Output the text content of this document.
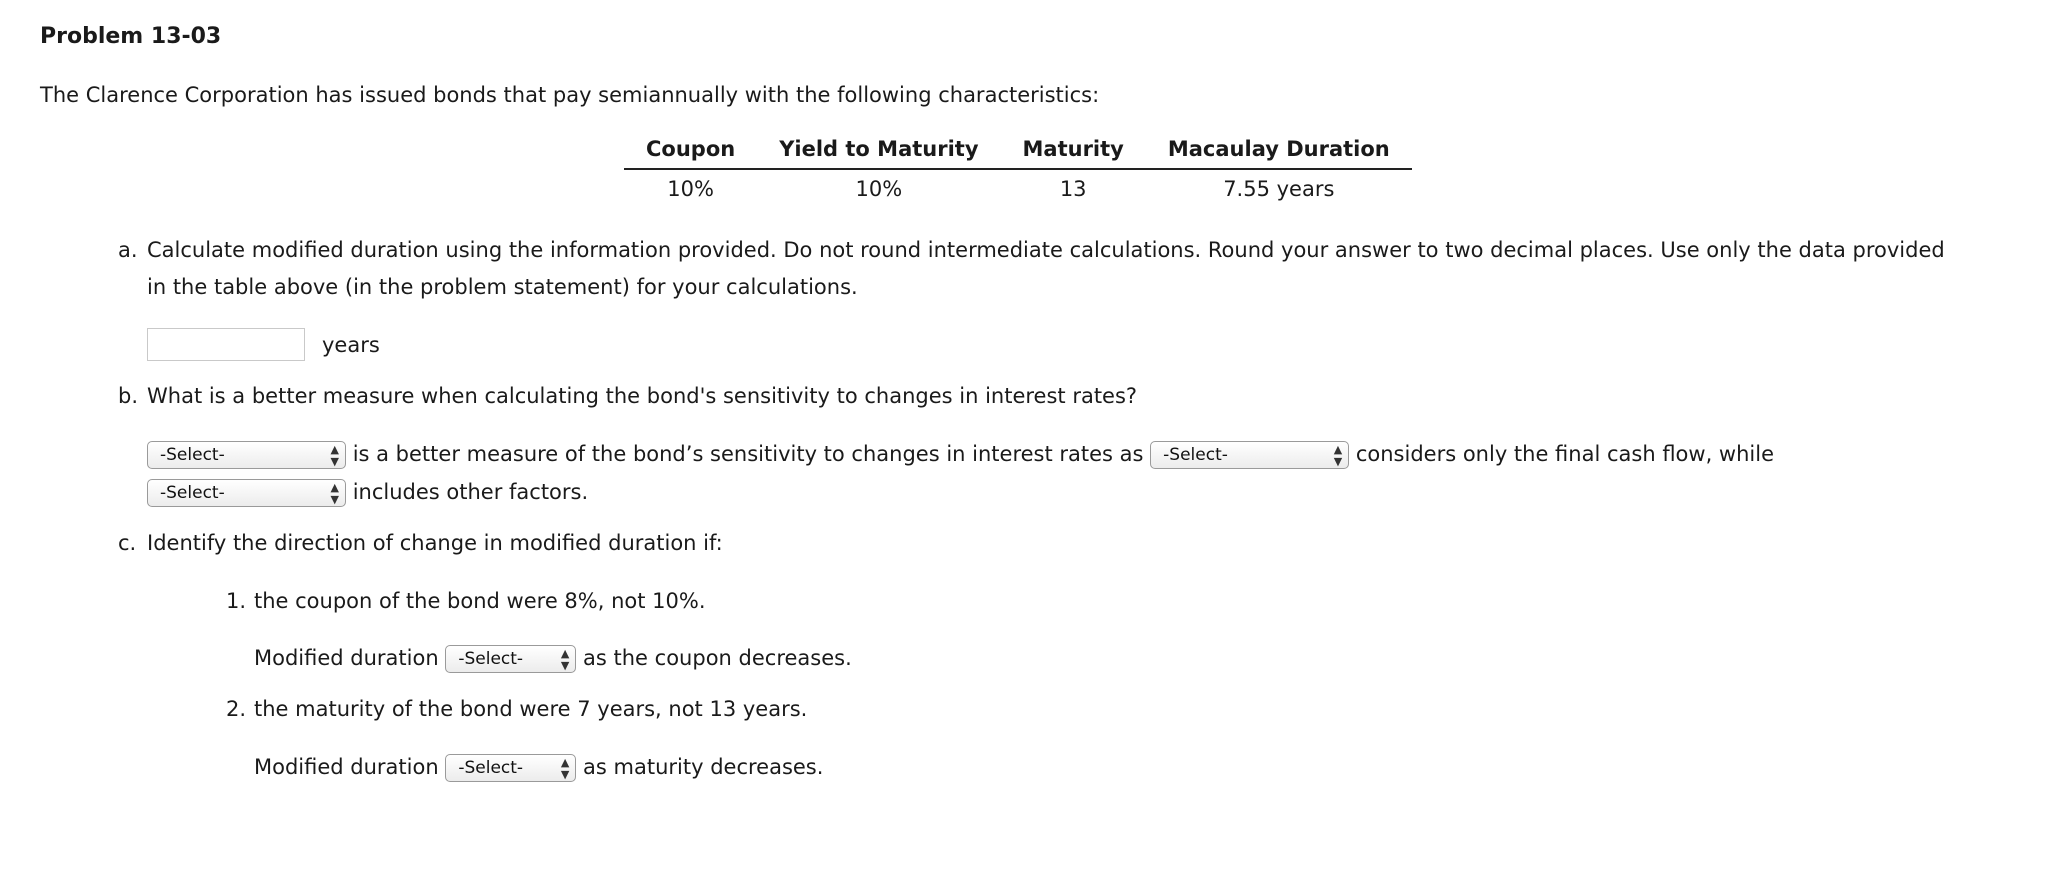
Problem 13-03
The Clarence Corporation has issued bonds that pay semiannually with the following characteristics:
Coupon	Yield to Maturity	Maturity	Macaulay Duration
10%	10%	13	7.55 years
a. Calculate modified duration using the information provided. Do not round intermediate calculations. Round your answer to two decimal places. Use only the data provided
in the table above (in the problem statement) for your calculations.
years
b. What is a better measure when calculating the bond's sensitivity to changes in interest rates?
-Select-	▲
▼ is a better measure of the bond’s sensitivity to changes in interest rates as -Select-	▲
▼ considers only the final cash flow, while
-Select-	▲
▼ includes other factors.
c. Identify the direction of change in modified duration if:
1. the coupon of the bond were 8%, not 10%.
Modified duration -Select-	▲
▼ as the coupon decreases.
2. the maturity of the bond were 7 years, not 13 years.
Modified duration -Select-	▲
▼ as maturity decreases.
